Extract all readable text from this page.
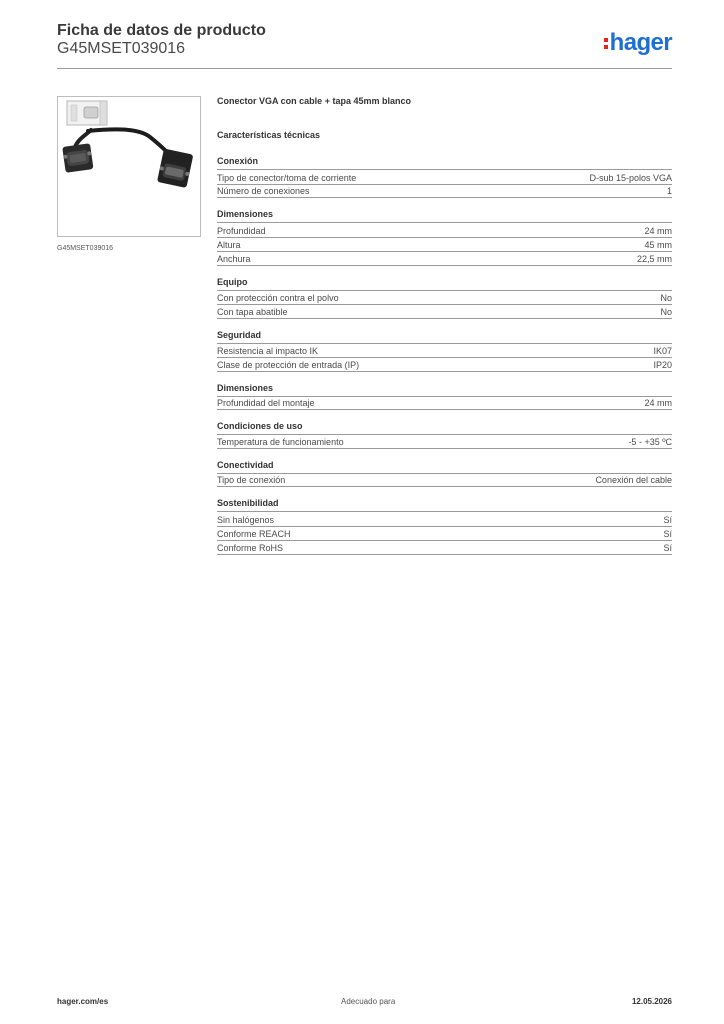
Ficha de datos de producto
G45MSET039016	hager
G45MSET039016
Conector VGA con cable + tapa 45mm blanco
Características técnicas
Conexión
Tipo de conector/toma de corriente	D-sub 15-polos VGA
Número de conexiones	1
Dimensiones
Profundidad	24 mm
Altura	45 mm
Anchura	22,5 mm
Equipo
Con protección contra el polvo	No
Con tapa abatible	No
Seguridad
Resistencia al impacto IK	IK07
Clase de protección de entrada (IP)	IP20
Dimensiones
Profundidad del montaje	24 mm
Condiciones de uso
Temperatura de funcionamiento	-5 - +35 ºC
Conectividad
Tipo de conexión	Conexión del cable
Sostenibilidad
Sin halógenos	Sí
Conforme REACH	Sí
Conforme RoHS	Sí
hager.com/es	Adecuado para	12.05.2026
